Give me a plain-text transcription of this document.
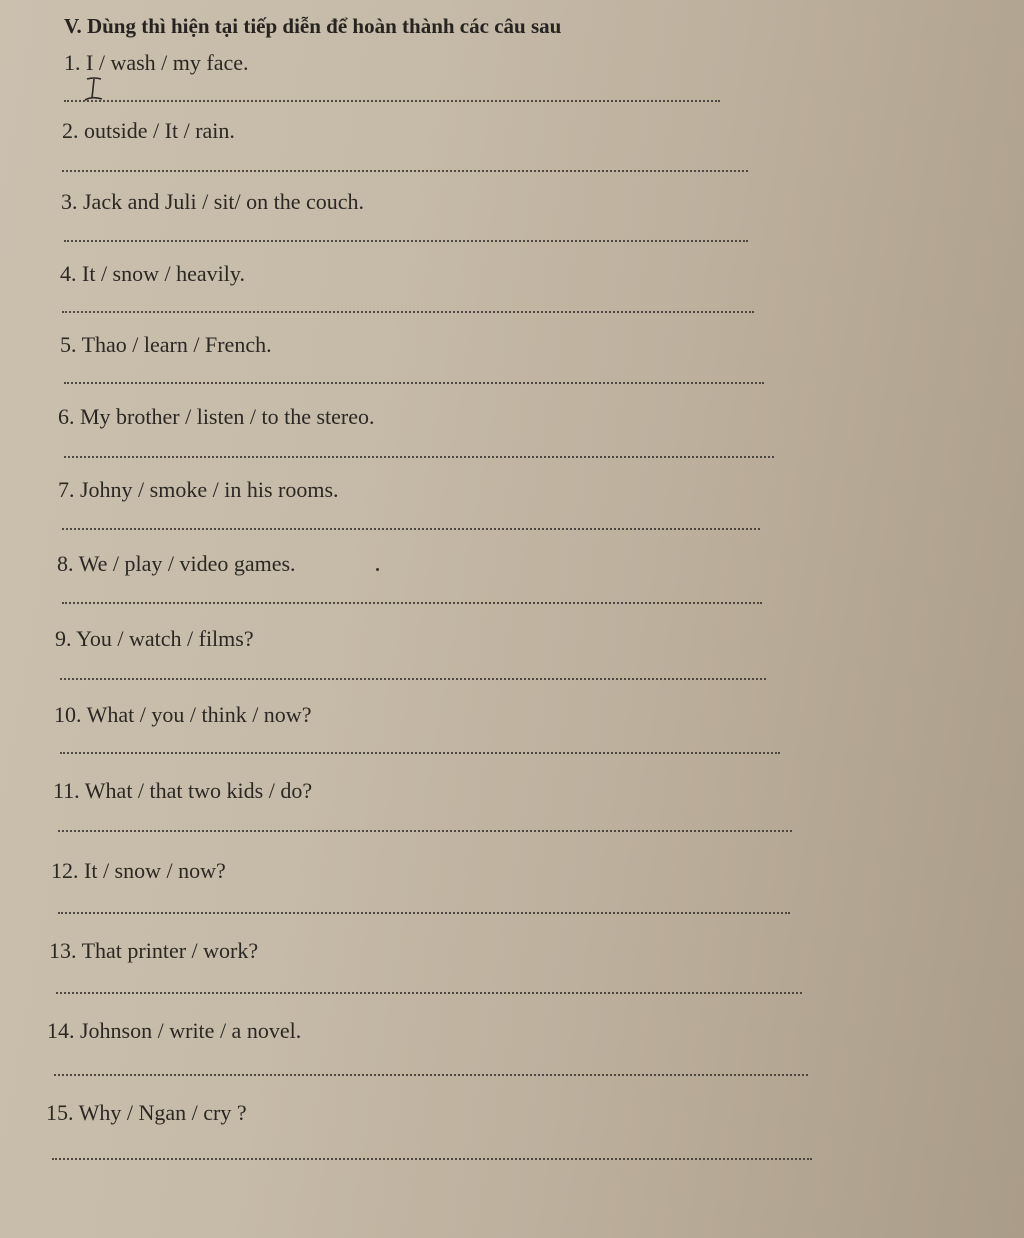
V. Dùng thì hiện tại tiếp diễn để hoàn thành các câu sau
1. I / wash / my face.
2. outside / It / rain.
3. Jack and Juli / sit/ on the couch.
4. It / snow / heavily.
5. Thao / learn / French.
6. My brother / listen / to the stereo.
7. Johny / smoke / in his rooms.
8. We / play / video games.
9. You / watch / films?
10. What / you / think / now?
11. What / that two kids / do?
12. It / snow / now?
13. That printer / work?
14. Johnson / write / a novel.
15. Why / Ngan / cry ?
